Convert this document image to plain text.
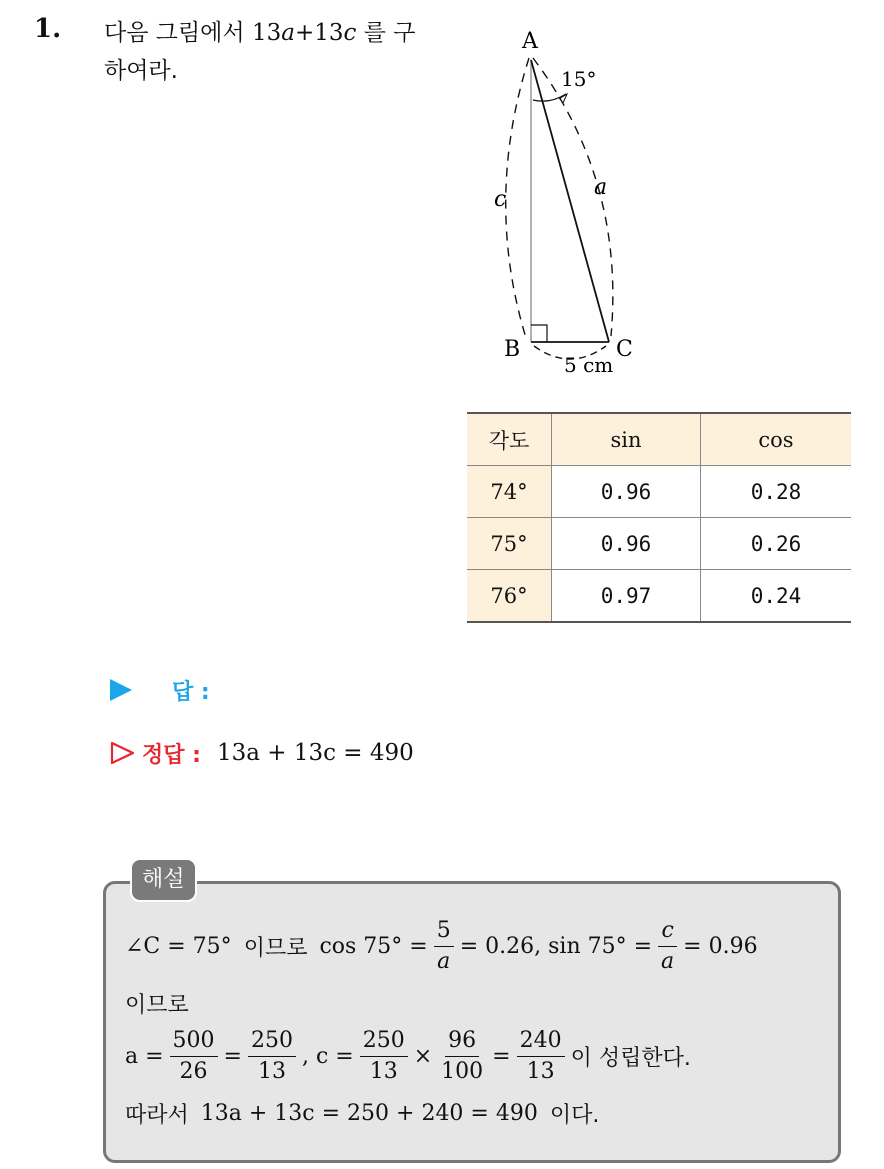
1. 다음 그림에서 13a+13c 를 구
하여라.
A
15°
a
c
B	C
5 cm
각도	sin	cos
74°	0.96	0.28
75°	0.96	0.26
76°	0.97	0.24
답 :
정답 : 13a + 13c = 490
해설
∠C = 75° 이므로 $\cos 75^\circ = \frac{5}{a} = 0.26$, $\sin 75^\circ = \frac{c}{a} = 0.96$
이므로
$a = \frac{500}{26} = \frac{250}{13}$ , $c = \frac{250}{13} \times \frac{96}{100} = \frac{240}{13}$ 이 성립한다.
따라서 13a + 13c = 250 + 240 = 490 이다.
